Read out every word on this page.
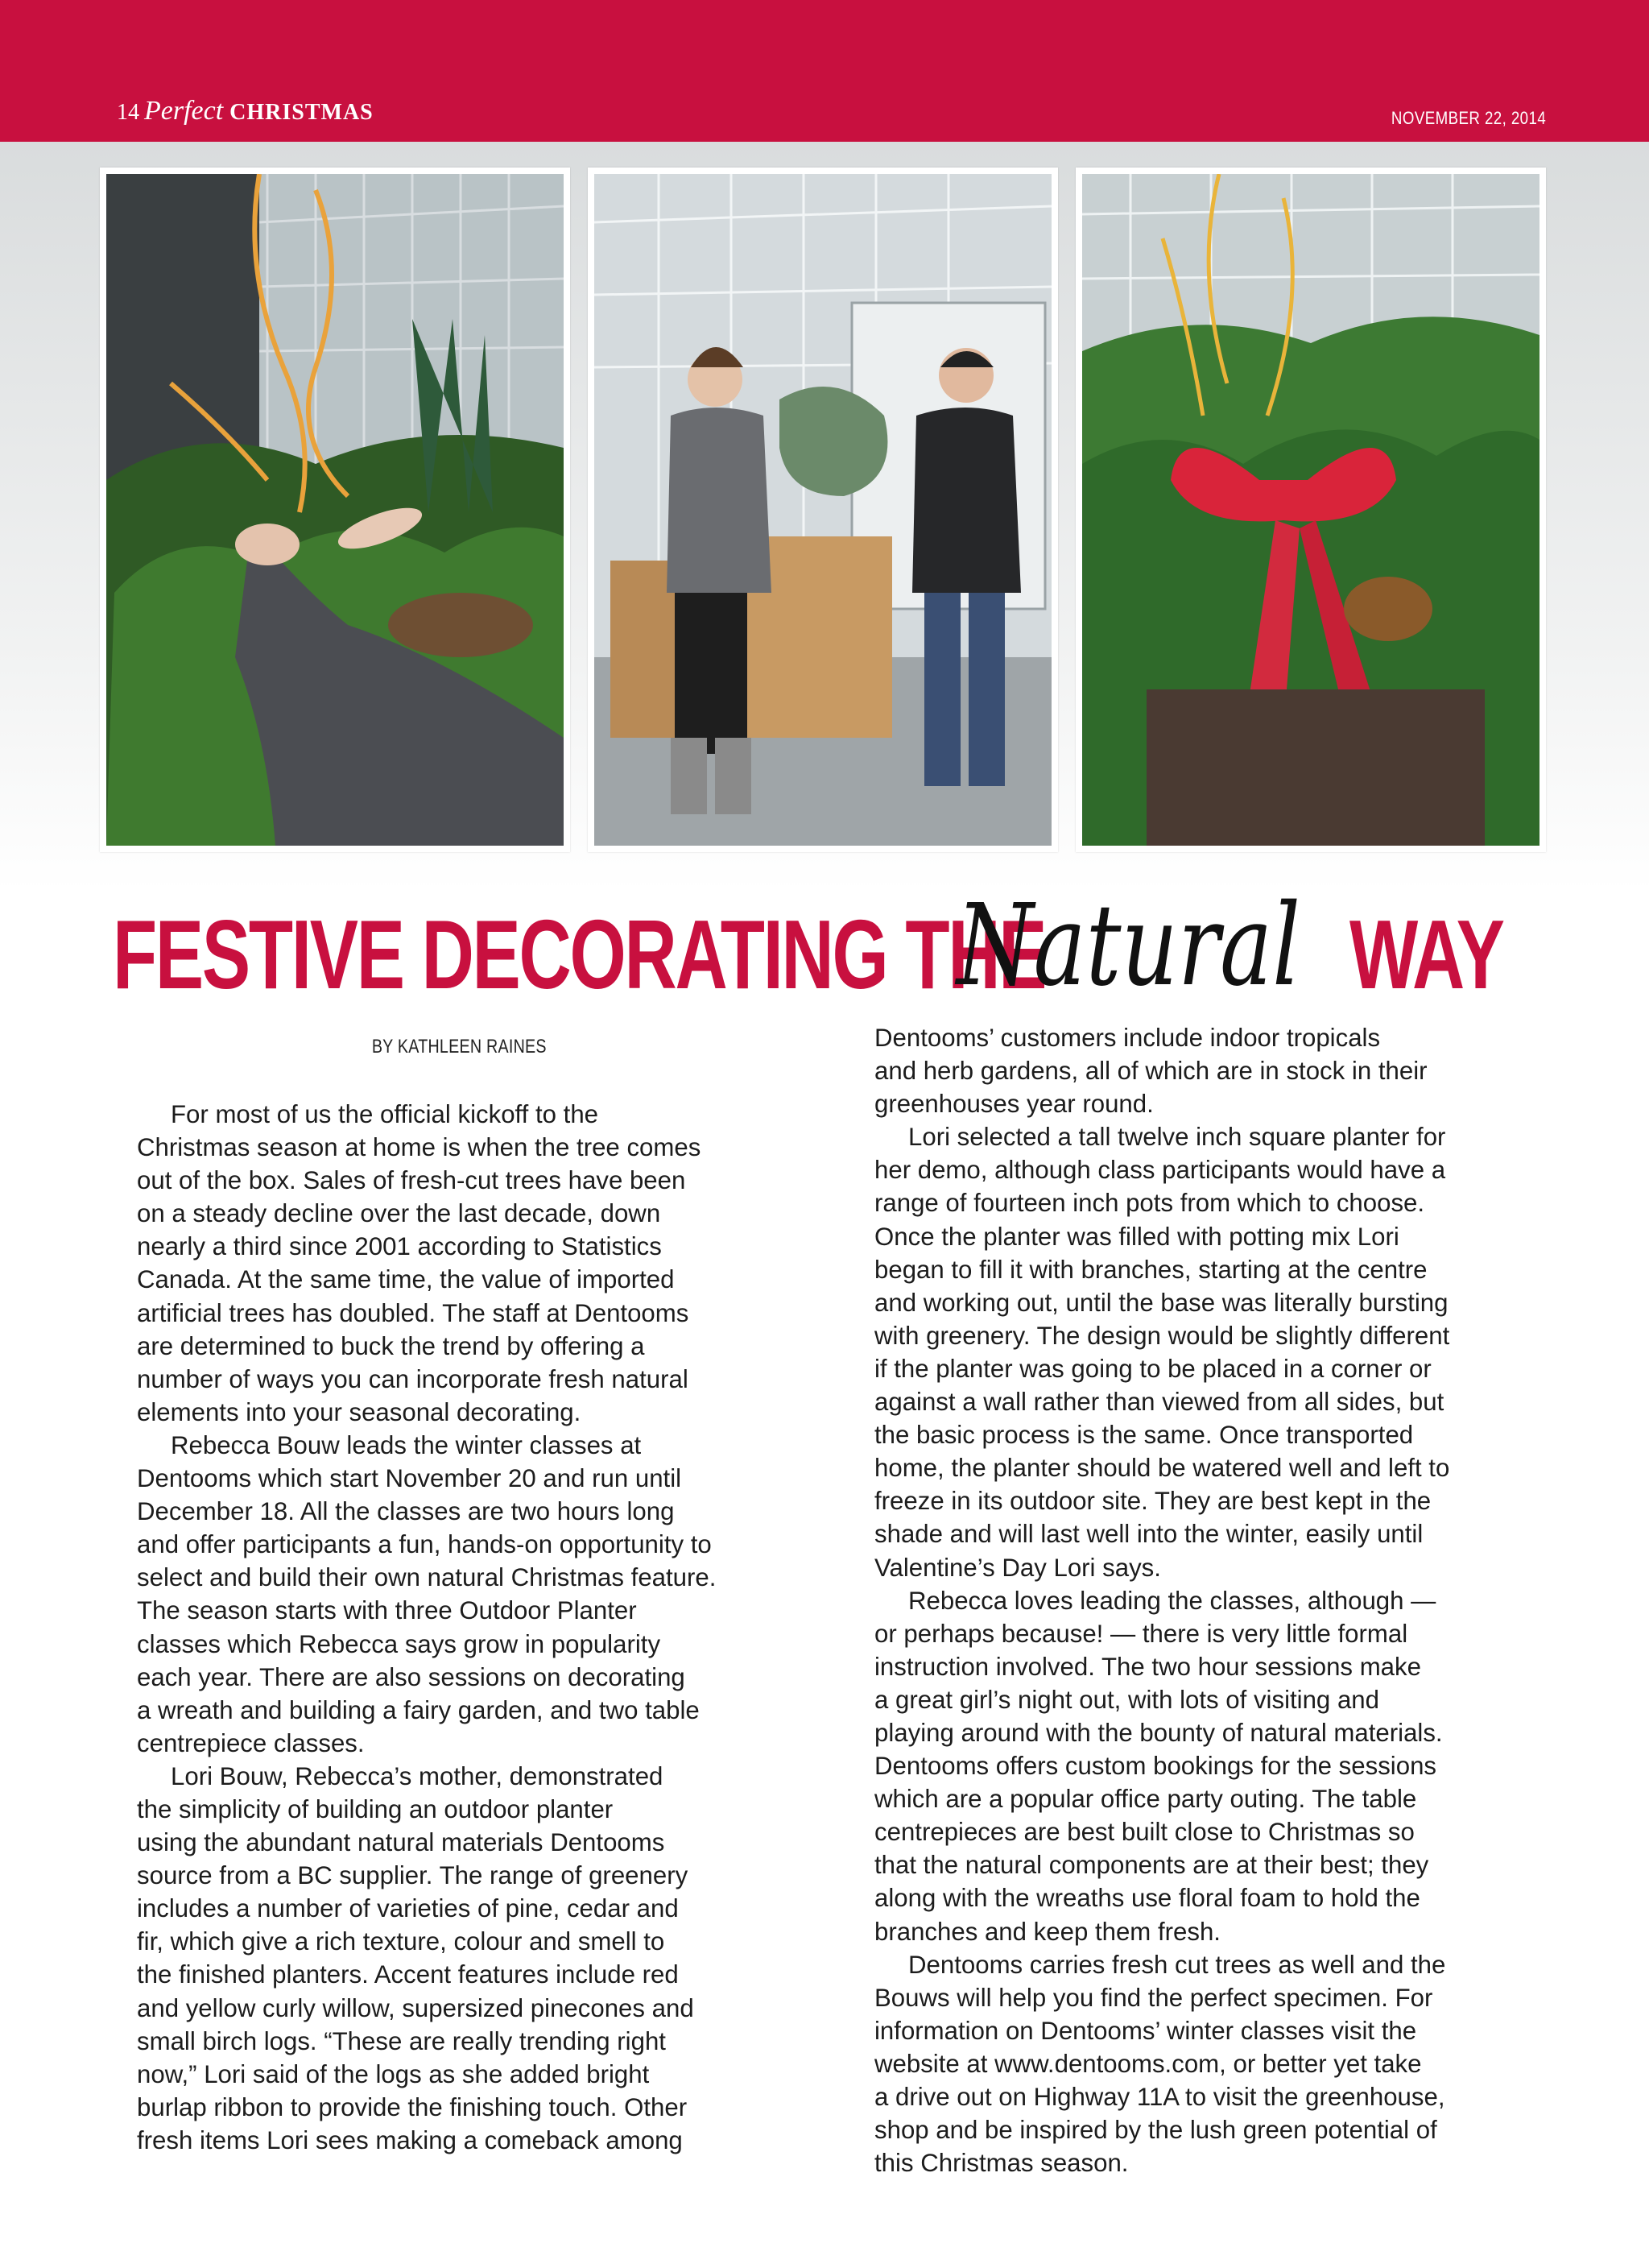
14 Perfect CHRISTMAS	NOVEMBER 22, 2014
FESTIVE DECORATING THE
Natural WAY
BY KATHLEEN RAINES
For most of us the official kickoff to the
Christmas season at home is when the tree comes
out of the box. Sales of fresh-cut trees have been
on a steady decline over the last decade, down
nearly a third since 2001 according to Statistics
Canada. At the same time, the value of imported
artificial trees has doubled. The staff at Dentooms
are determined to buck the trend by offering a
number of ways you can incorporate fresh natural
elements into your seasonal decorating.
Rebecca Bouw leads the winter classes at
Dentooms which start November 20 and run until
December 18. All the classes are two hours long
and offer participants a fun, hands-on opportunity to
select and build their own natural Christmas feature.
The season starts with three Outdoor Planter
classes which Rebecca says grow in popularity
each year. There are also sessions on decorating
a wreath and building a fairy garden, and two table
centrepiece classes.
Lori Bouw, Rebecca’s mother, demonstrated
the simplicity of building an outdoor planter
using the abundant natural materials Dentooms
source from a BC supplier. The range of greenery
includes a number of varieties of pine, cedar and
fir, which give a rich texture, colour and smell to
the finished planters. Accent features include red
and yellow curly willow, supersized pinecones and
small birch logs. “These are really trending right
now,” Lori said of the logs as she added bright
burlap ribbon to provide the finishing touch. Other
fresh items Lori sees making a comeback among
Dentooms’ customers include indoor tropicals
and herb gardens, all of which are in stock in their
greenhouses year round.
Lori selected a tall twelve inch square planter for
her demo, although class participants would have a
range of fourteen inch pots from which to choose.
Once the planter was filled with potting mix Lori
began to fill it with branches, starting at the centre
and working out, until the base was literally bursting
with greenery. The design would be slightly different
if the planter was going to be placed in a corner or
against a wall rather than viewed from all sides, but
the basic process is the same. Once transported
home, the planter should be watered well and left to
freeze in its outdoor site. They are best kept in the
shade and will last well into the winter, easily until
Valentine’s Day Lori says.
Rebecca loves leading the classes, although —
or perhaps because! — there is very little formal
instruction involved. The two hour sessions make
a great girl’s night out, with lots of visiting and
playing around with the bounty of natural materials.
Dentooms offers custom bookings for the sessions
which are a popular office party outing. The table
centrepieces are best built close to Christmas so
that the natural components are at their best; they
along with the wreaths use floral foam to hold the
branches and keep them fresh.
Dentooms carries fresh cut trees as well and the
Bouws will help you find the perfect specimen. For
information on Dentooms’ winter classes visit the
website at www.dentooms.com, or better yet take
a drive out on Highway 11A to visit the greenhouse,
shop and be inspired by the lush green potential of
this Christmas season.
